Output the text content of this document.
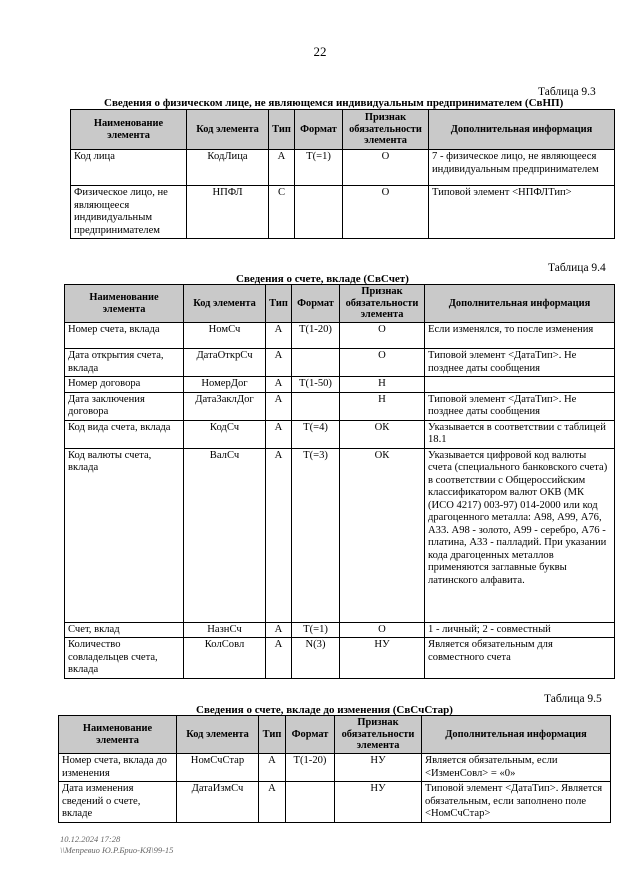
22
Таблица 9.3
Сведения о физическом лице, не являющемся индивидуальным предпринимателем (СвНП)
Наименование элемента	Код элемента	Тип	Формат	Признак обязательности элемента	Дополнительная информация
Код лица	КодЛица	А	Т(=1)	О	7 - физическое лицо, не являющееся индивидуальным предпринимателем
Физическое лицо, не являющееся индивидуальным предпринимателем	НПФЛ	С		О	Типовой элемент <НПФЛТип>
Таблица 9.4
Сведения о счете, вкладе (СвСчет)
Наименование элемента	Код элемента	Тип	Формат	Признак обязательности элемента	Дополнительная информация
Номер счета, вклада	НомСч	А	Т(1-20)	О	Если изменялся, то после изменения
Дата открытия счета, вклада	ДатаОткрСч	А		О	Типовой элемент <ДатаТип>. Не позднее даты сообщения
Номер договора	НомерДог	А	Т(1-50)	Н	
Дата заключения договора	ДатаЗаклДог	А		Н	Типовой элемент <ДатаТип>. Не позднее даты сообщения
Код вида счета, вклада	КодСч	А	Т(=4)	ОК	Указывается в соответствии с таблицей 18.1
Код валюты счета, вклада	ВалСч	А	Т(=3)	ОК	Указывается цифровой код валюты счета (специального банковского счета) в соответствии с Общероссийским классификатором валют ОКВ (МК (ИСО 4217) 003-97) 014-2000 или код драгоценного металла: А98, А99, А76, А33. А98 - золото, А99 - серебро, А76 - платина, А33 - палладий. При указании кода драгоценных металлов применяются заглавные буквы латинского алфавита.
Счет, вклад	НазнСч	А	Т(=1)	О	1 - личный; 2 - совместный
Количество совладельцев счета, вклада	КолСовл	А	N(3)	НУ	Является обязательным для совместного счета
Таблица 9.5
Сведения о счете, вкладе до изменения (СвСчСтар)
Наименование элемента	Код элемента	Тип	Формат	Признак обязательности элемента	Дополнительная информация
Номер счета, вклада до изменения	НомСчСтар	А	Т(1-20)	НУ	Является обязательным, если <ИзменСовл> = «0»
Дата изменения сведений о счете, вкладе	ДатаИзмСч	А		НУ	Типовой элемент <ДатаТип>. Является обязательным, если заполнено поле <НомСчСтар>
10.12.2024 17:28
\\Мепревио Ю.Р.Брио-КЯ\99-15
